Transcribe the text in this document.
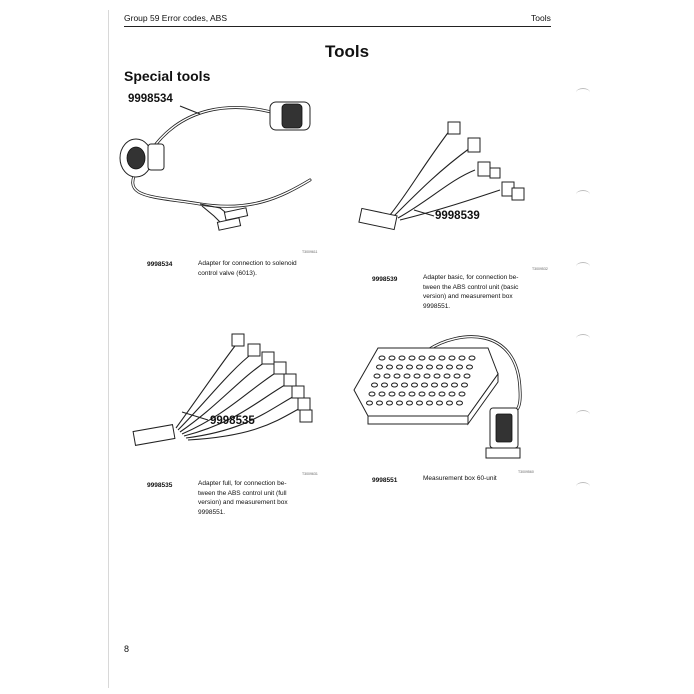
Group 59 Error codes, ABS	Tools
Tools
Special tools
9998534
T3009611
9998534	Adapter for connection to solenoid
control valve (6013).
9998539
T3009532
9998539	Adapter basic, for connection be-
tween the ABS control unit (basic
version) and measurement box
9998551.
9998535
T3009631
9998535	Adapter full, for connection be-
tween the ABS control unit (full
version) and measurement box
9998551.
T3009560
9998551	Measurement box 60-unit
8
